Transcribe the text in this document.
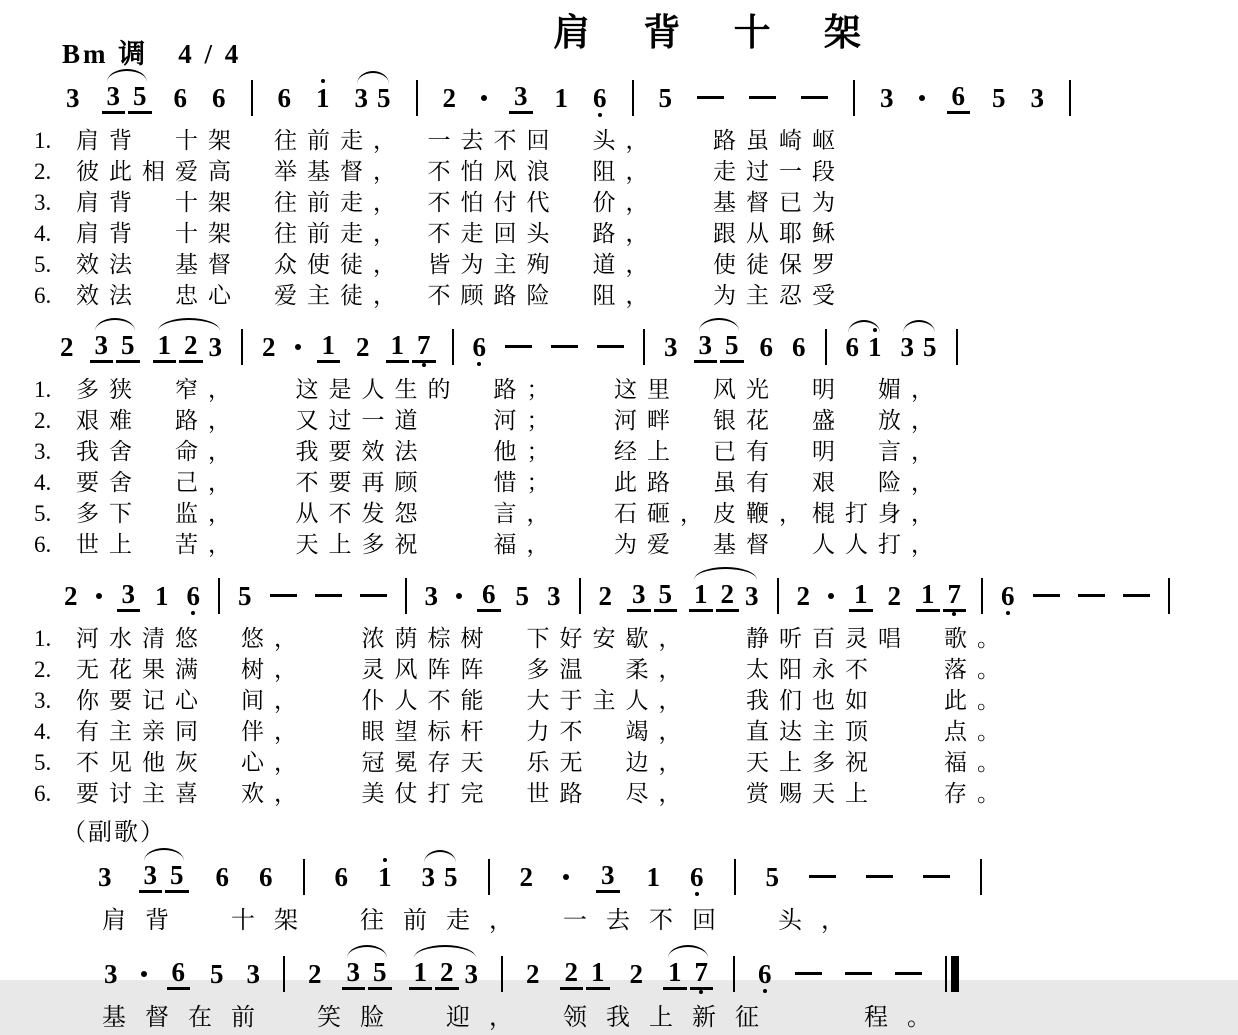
Bm 调　4 / 4	肩 背 十 架
3 3 5 6 6 6 1 3 5 2 3 1 6 5	3 6 5 3
1.	肩背　十架　往前走，　一去不回　头，　　路虽崎岖
2.	彼此相爱高　举基督，　不怕风浪　阻，　　走过一段
3.	肩背　十架　往前走，　不怕付代　价，　　基督已为
4.	肩背　十架　往前走，　不走回头　路，　　跟从耶稣
5.	效法　基督　众使徒，　皆为主殉　道，　　使徒保罗
6.	效法　忠心　爱主徒，　不顾路险　阻，　　为主忍受
2 3 5 1 2 3 2 1 2 1 7 6	3 3 5 6 6 6 1 3 5
1.	多狭　窄，　　这是人生的　路；　　这里　风光　明　媚，
2.	艰难　路，　　又过一道　　河；　　河畔　银花　盛　放，
3.	我舍　命，　　我要效法　　他；　　经上　已有　明　言，
4.	要舍　己，　　不要再顾　　惜；　　此路　虽有　艰　险，
5.	多下　监，　　从不发怨　　言，　　石砸，皮鞭，棍打身，
6.	世上　苦，　　天上多祝　　福，　　为爱　基督　人人打，
2 3 1 6 5	3 6 5 3 2 3 5 1 2 3 2 1 2 1 7 6
1.	河水清悠　悠，　　浓荫棕树　下好安歇，　　静听百灵唱　歌。
2.	无花果满　树，　　灵风阵阵　多温　柔，　　太阳永不　　落。
3.	你要记心　间，　　仆人不能　大于主人，　　我们也如　　此。
4.	有主亲同　伴，　　眼望标杆　力不　竭，　　直达主顶　　点。
5.	不见他灰　心，　　冠冕存天　乐无　边，　　天上多祝　　福。
6.	要讨主喜　欢，　　美仗打完　世路　尽，　　赏赐天上　　存。
（副歌）
3 3 5 6 6 6 1 3 5 2	3 1 6 5
肩背　十架　往前走，　一去不回　头，
3 6 5 3 2 3 5 1 2 3 2 2 1 2 1 7 6
基督在前　笑脸　迎，　领我上新征　　程。
